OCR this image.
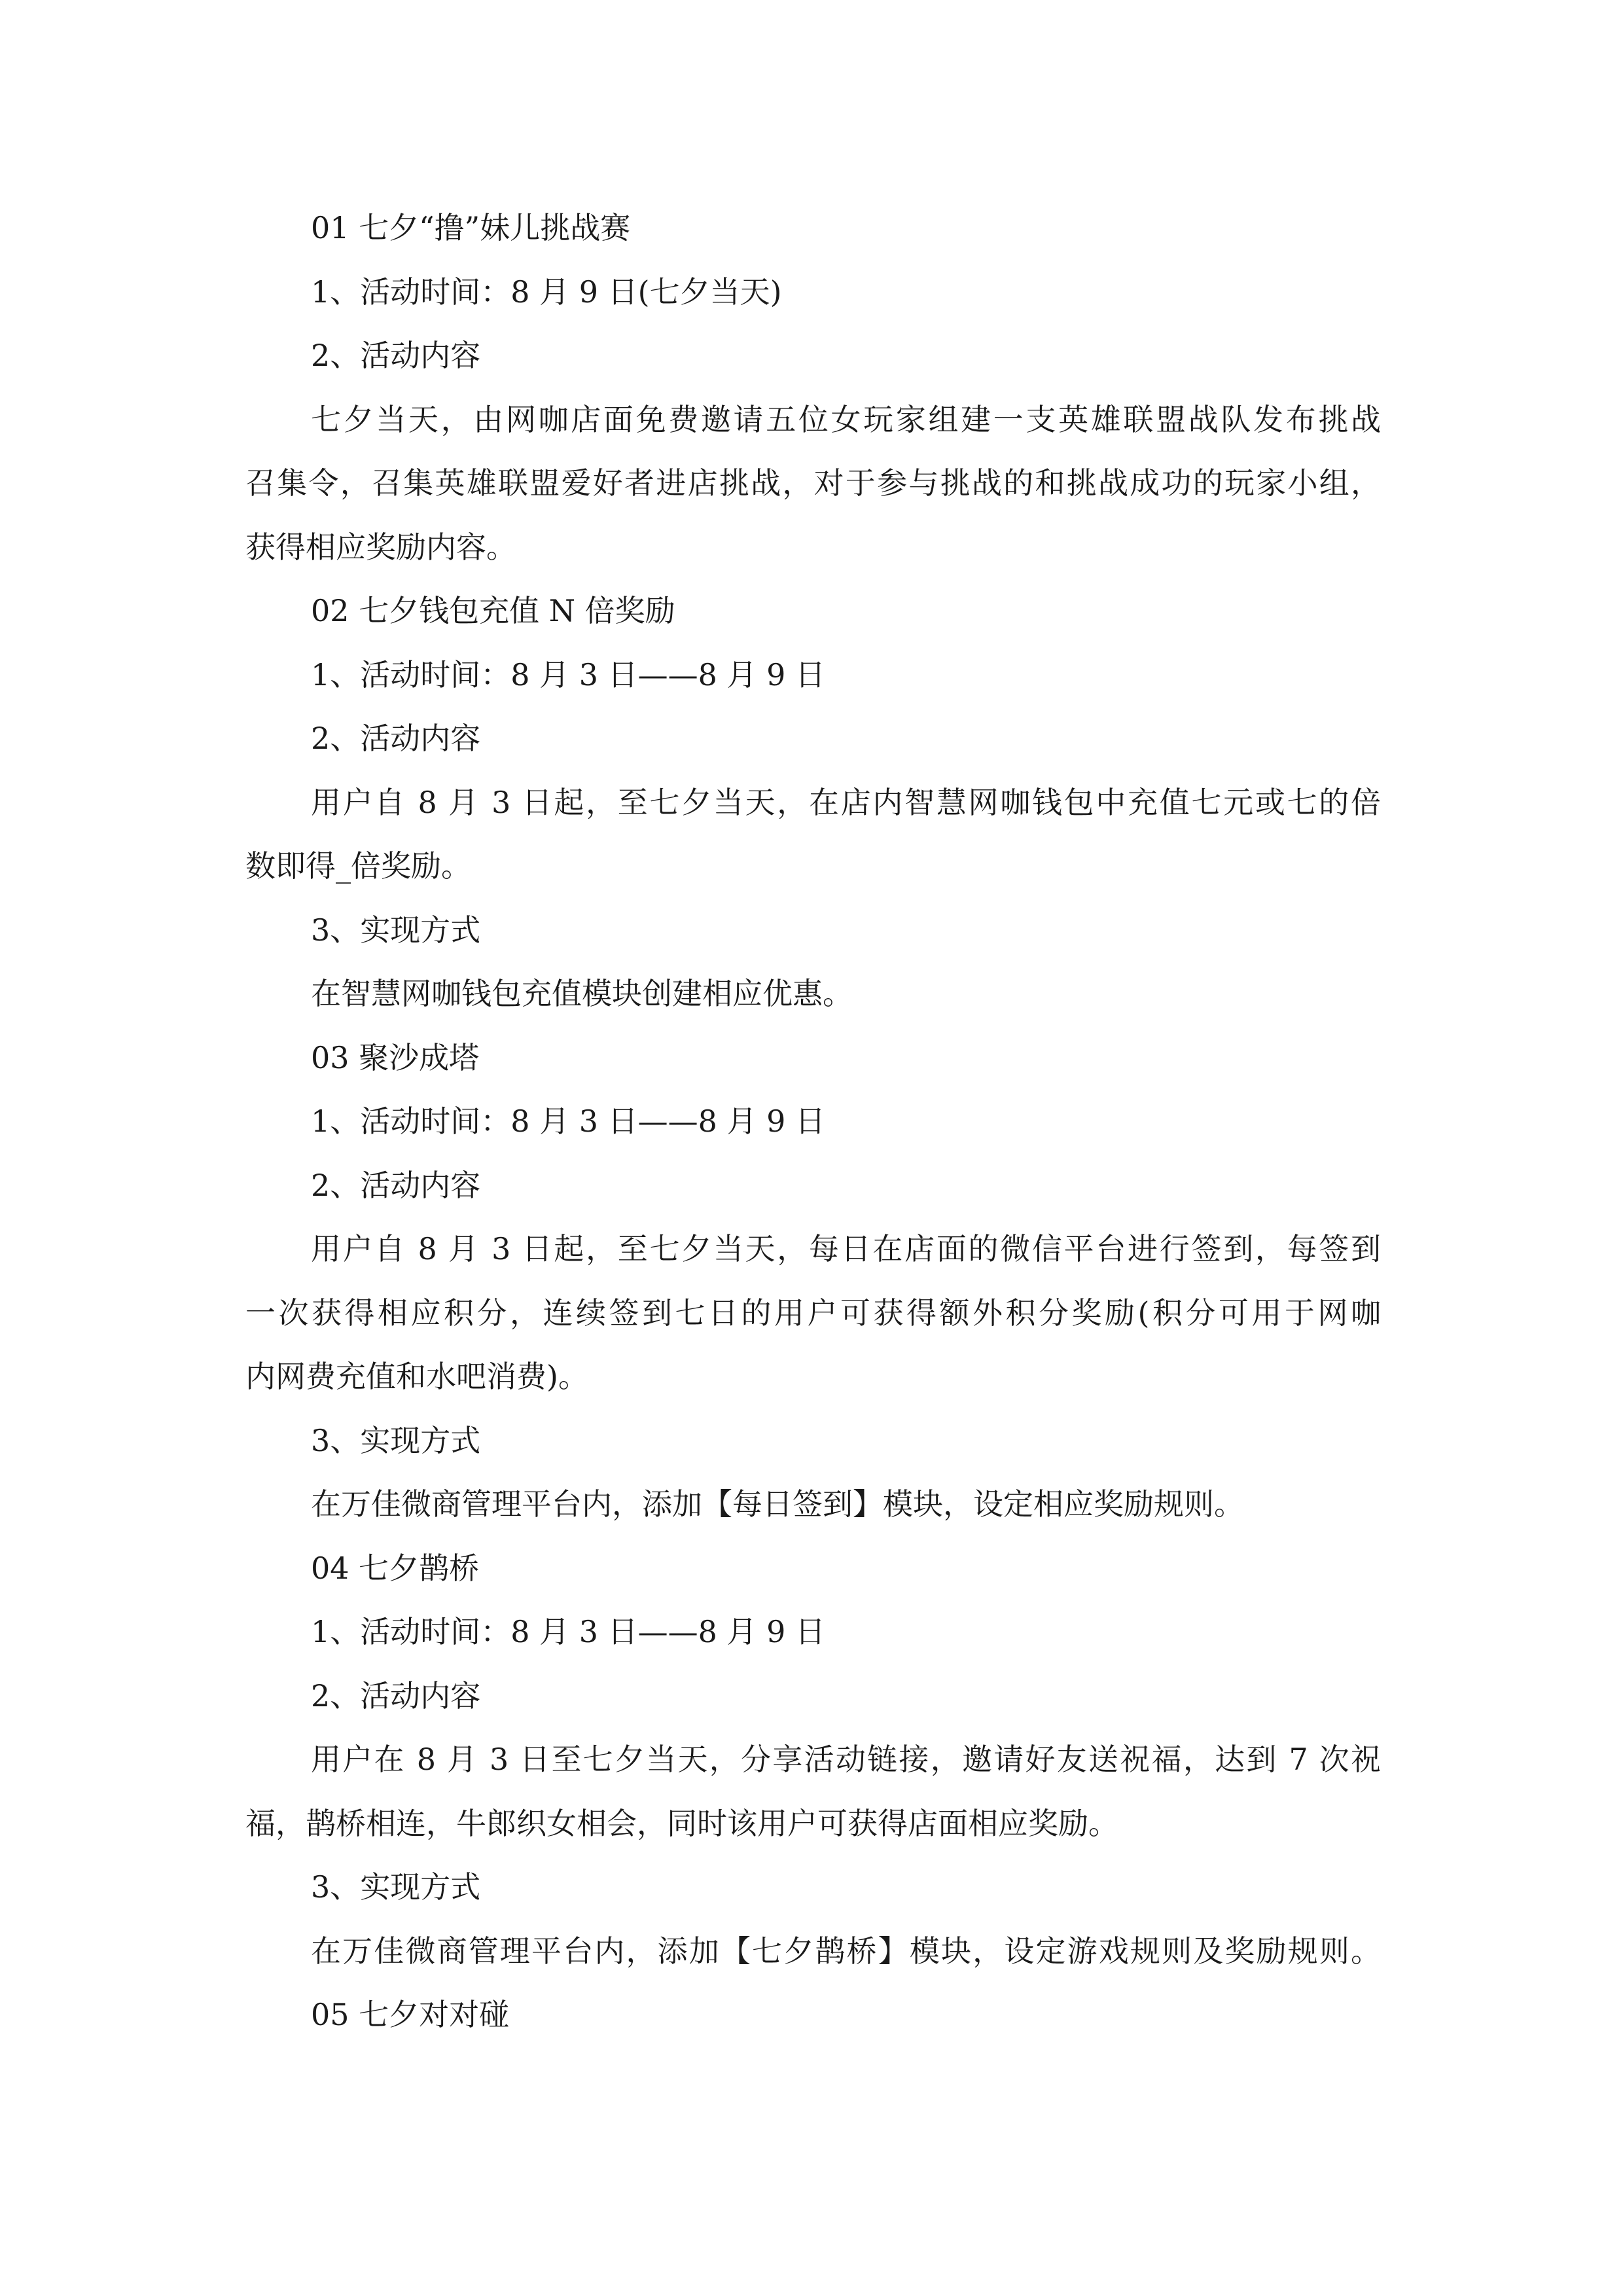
01 七夕“撸”妹儿挑战赛
1、活动时间：8 月 9 日(七夕当天)
2、活动内容
七夕当天，由网咖店面免费邀请五位女玩家组建一支英雄联盟战队发布挑战
召集令，召集英雄联盟爱好者进店挑战，对于参与挑战的和挑战成功的玩家小组，
获得相应奖励内容。
02 七夕钱包充值 N 倍奖励
1、活动时间：8 月 3 日——8 月 9 日
2、活动内容
用户自 8 月 3 日起，至七夕当天，在店内智慧网咖钱包中充值七元或七的倍
数即得_倍奖励。
3、实现方式
在智慧网咖钱包充值模块创建相应优惠。
03 聚沙成塔
1、活动时间：8 月 3 日——8 月 9 日
2、活动内容
用户自 8 月 3 日起，至七夕当天，每日在店面的微信平台进行签到，每签到
一次获得相应积分，连续签到七日的用户可获得额外积分奖励(积分可用于网咖
内网费充值和水吧消费)。
3、实现方式
在万佳微商管理平台内，添加【每日签到】模块，设定相应奖励规则。
04 七夕鹊桥
1、活动时间：8 月 3 日——8 月 9 日
2、活动内容
用户在 8 月 3 日至七夕当天，分享活动链接，邀请好友送祝福，达到 7 次祝
福，鹊桥相连，牛郎织女相会，同时该用户可获得店面相应奖励。
3、实现方式
在万佳微商管理平台内，添加【七夕鹊桥】模块，设定游戏规则及奖励规则。
05 七夕对对碰
